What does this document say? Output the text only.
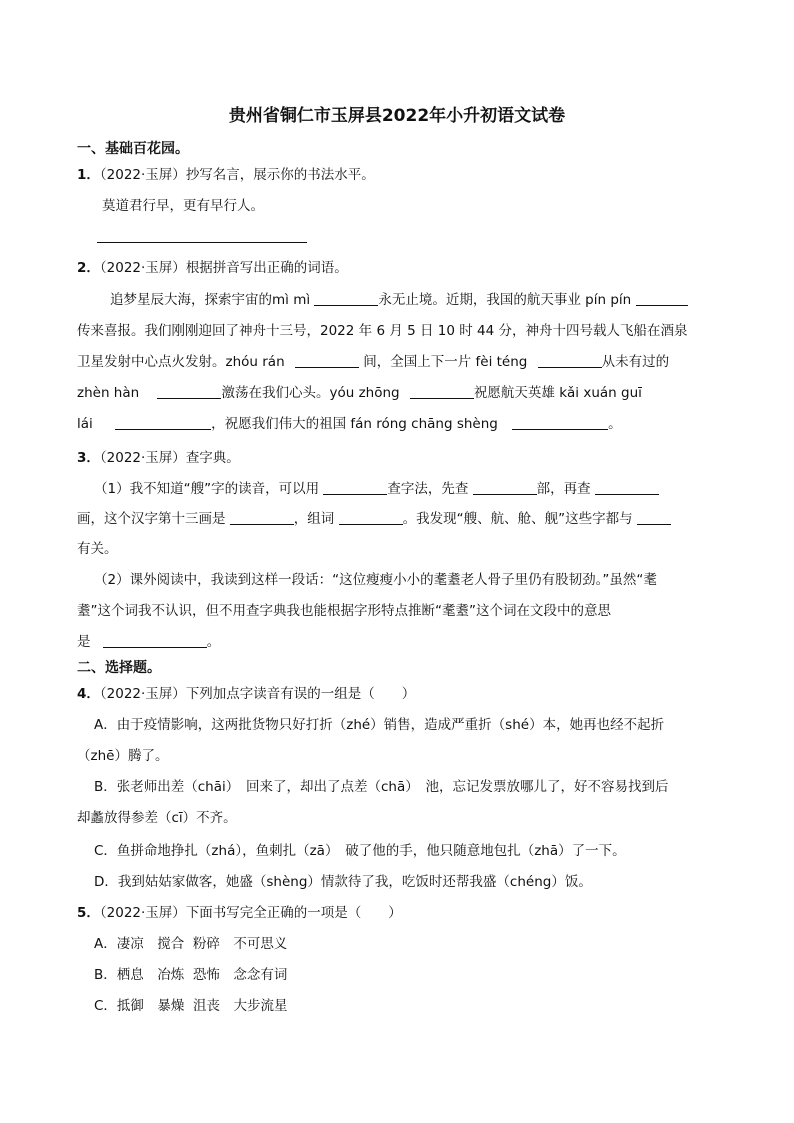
贵州省铜仁市玉屏县2022年小升初语文试卷
一、基础百花园。
1．（2022·玉屏）抄写名言，展示你的书法水平。
莫道君行早，更有早行人。
2．（2022·玉屏）根据拼音写出正确的词语。
追梦星辰大海，探索宇宙的mì mì	永无止境。近期，我国的航天事业 pín pín
传来喜报。我们刚刚迎回了神舟十三号，2022 年 6 月 5 日 10 时 44 分，神舟十四号载人飞船在酒泉
卫星发射中心点火发射。zhóu rán	间，全国上下一片 fèi téng	从未有过的
zhèn hàn	激荡在我们心头。yóu zhōng	祝愿航天英雄 kǎi xuán guī
lái	，祝愿我们伟大的祖国 fán róng chāng shèng	。
3．（2022·玉屏）查字典。
（1）我不知道“艘”字的读音，可以用	查字法，先查	部，再查
画，这个汉字第十三画是	，组词	。我发现“艘、航、舱、舰”这些字都与
有关。
（2）课外阅读中，我读到这样一段话：“这位瘦瘦小小的耄耋老人骨子里仍有股韧劲。”虽然“耄
耋”这个词我不认识，但不用查字典我也能根据字形特点推断“耄耋”这个词在文段中的意思
是	。
二、选择题。
4．（2022·玉屏）下列加点字读音有误的一组是（　　）
A．由于疫情影响，这两批货物只好打折（zhé）销售，造成严重折（shé）本，她再也经不起折
（zhē）腾了。
B．张老师出差（chāi）　回来了，却出了点差（chā）　池，忘记发票放哪儿了，好不容易找到后
却蠡放得参差（cī）不齐。
C．鱼拼命地挣扎（zhá），鱼刺扎（zā）　破了他的手，他只随意地包扎（zhā）了一下。
D．我到姑姑家做客，她盛（shèng）情款待了我，吃饭时还帮我盛（chéng）饭。
5．（2022·玉屏）下面书写完全正确的一项是（　　）
A．凄凉　搅合  粉碎　不可思义
B．栖息　冶炼  恐怖　念念有词
C．抵御　暴燥  沮丧　大步流星
